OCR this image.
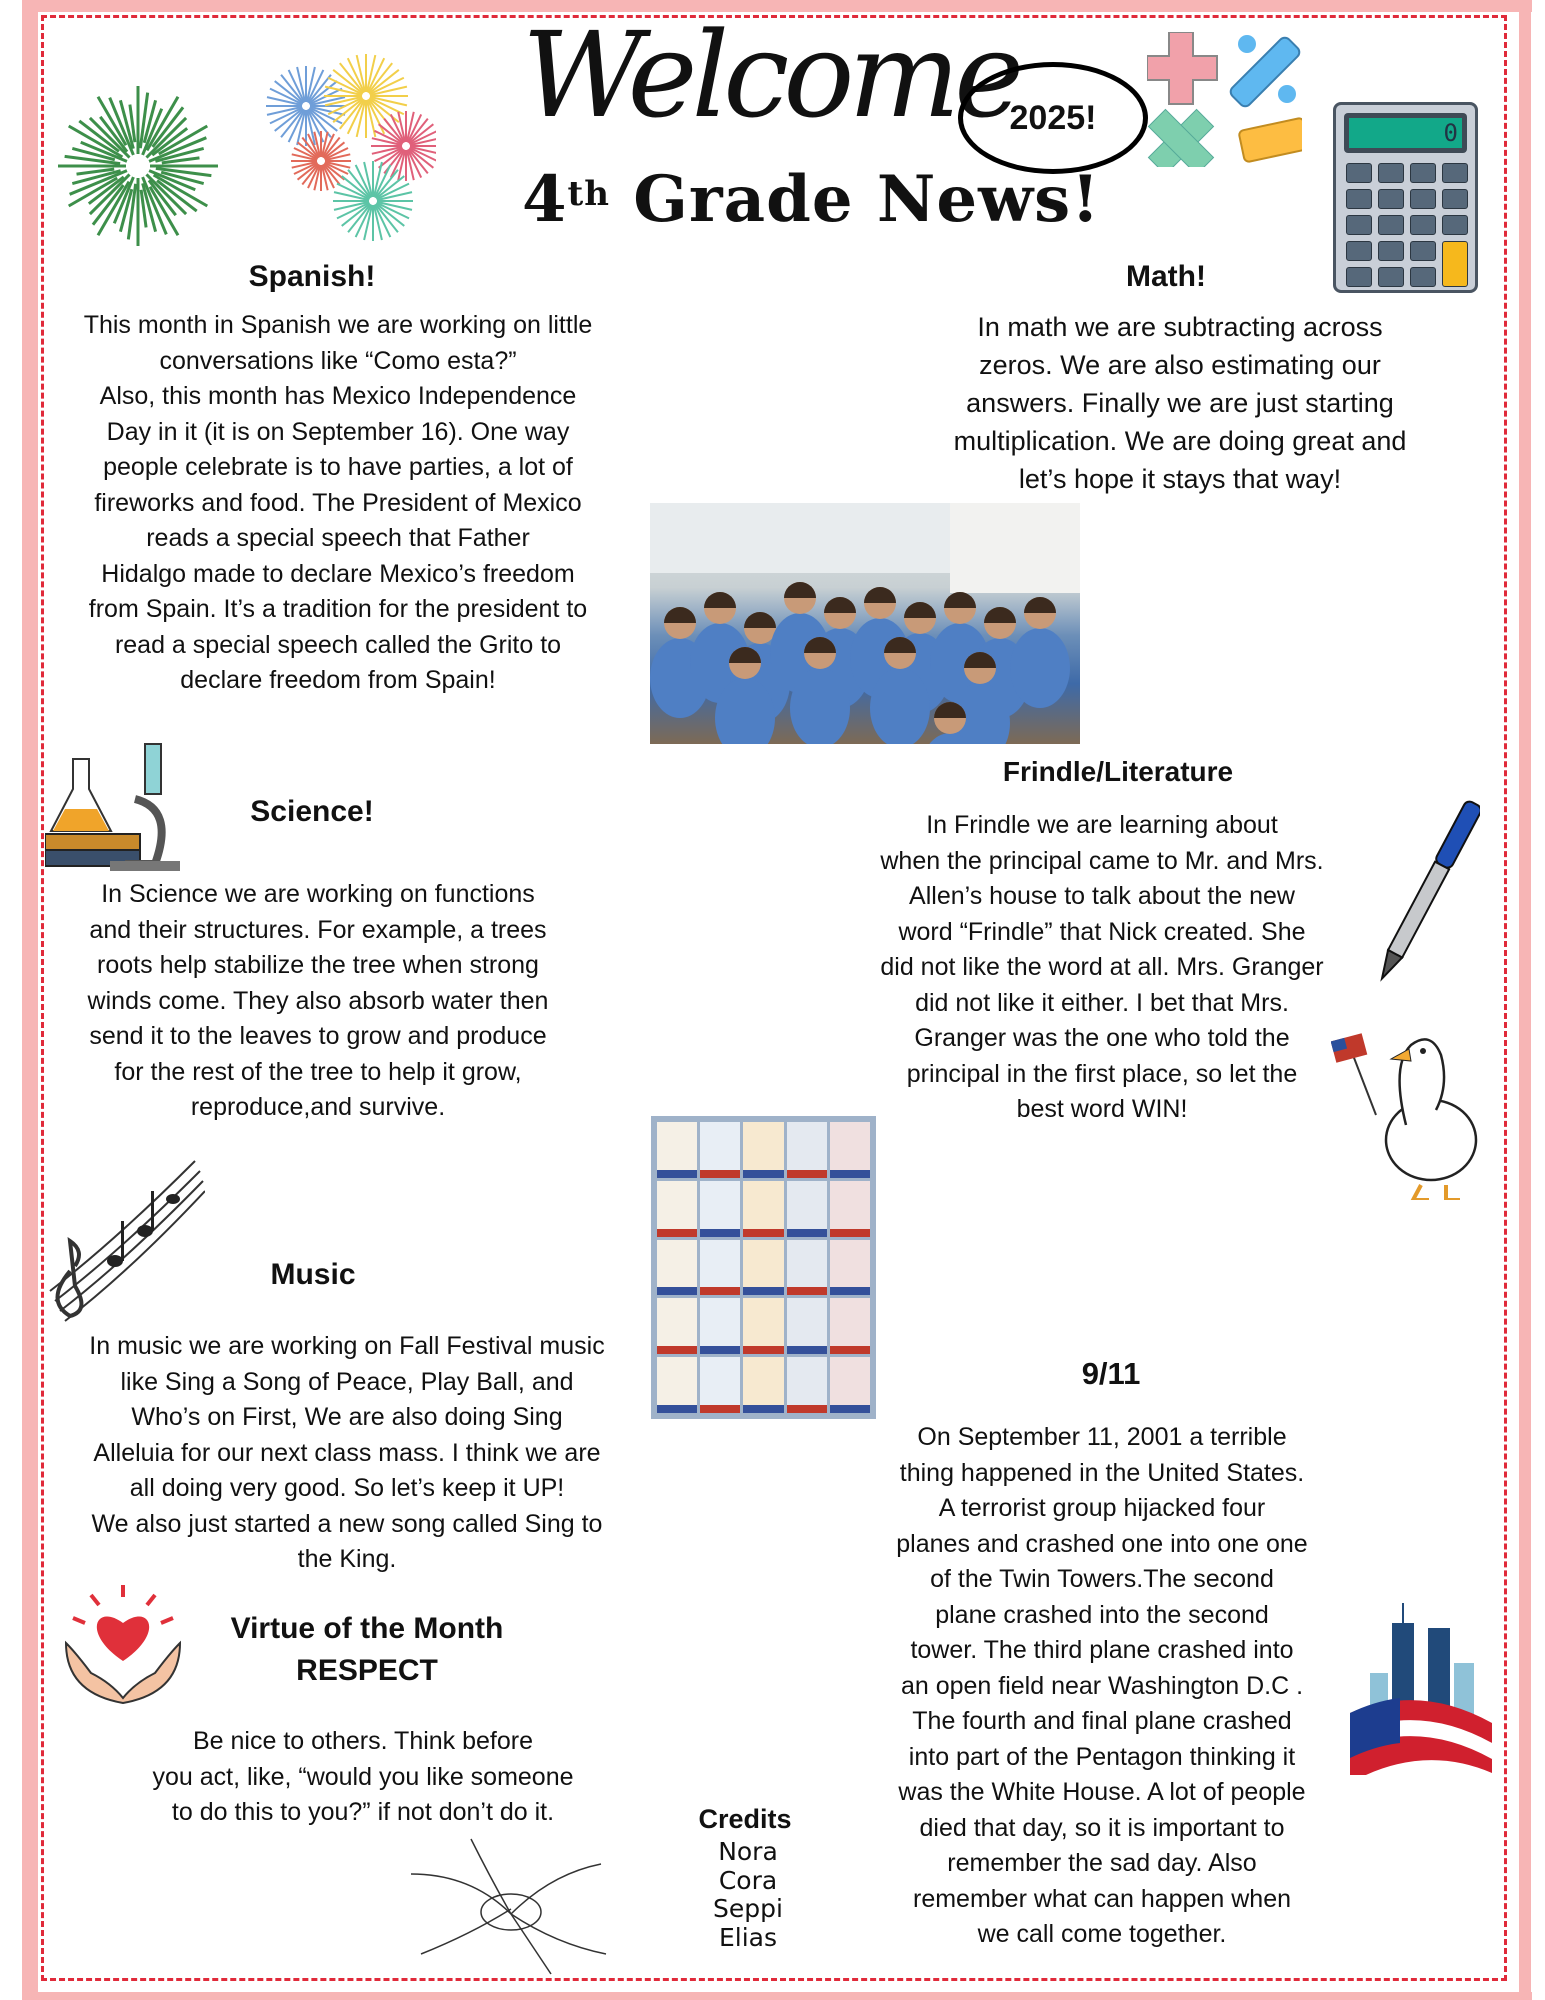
Welcome
2025!
4th Grade News!
0
Spanish!
This month in Spanish we are working on little
conversations like “Como esta?”
Also, this month has Mexico Independence
Day in it (it is on September 16). One way
people celebrate is to have parties, a lot of
fireworks and food. The President of Mexico
reads a special speech that Father
Hidalgo made to declare Mexico’s freedom
from Spain. It’s a tradition for the president to
read a special speech called the Grito to
declare freedom from Spain!
Math!
In math we are subtracting across
zeros. We are also estimating our
answers. Finally we are just starting
multiplication. We are doing great and
let’s hope it stays that way!
Frindle/Literature
In Frindle we are learning about
when the principal came to Mr. and Mrs.
Allen’s house to talk about the new
word “Frindle” that Nick created. She
did not like the word at all. Mrs. Granger
did not like it either. I bet that Mrs.
Granger was the one who told the
principal in the first place, so let the
best word WIN!
Science!
In Science we are working on functions
and their structures. For example, a trees
roots help stabilize the tree when strong
winds come. They also absorb water then
send it to the leaves to grow and produce
for the rest of the tree to help it grow,
reproduce,and survive.
Music
In music we are working on Fall Festival music
like Sing a Song of Peace, Play Ball, and
Who’s on First, We are also doing Sing
Alleluia for our next class mass. I think we are
all doing very good. So let’s keep it UP!
We also just started a new song called Sing to
the King.
Virtue of the Month
RESPECT
Be nice to others. Think before
you act, like, “would you like someone
to do this to you?” if not don’t do it.	Credits
Nora
Cora
Seppi
Elias
9/11
On September 11, 2001 a terrible
thing happened in the United States.
A terrorist group hijacked four
planes and crashed one into one one
of the Twin Towers.The second
plane crashed into the second
tower. The third plane crashed into
an open field near Washington D.C .
The fourth and final plane crashed
into part of the Pentagon thinking it
was the White House. A lot of people
died that day, so it is important to
remember the sad day. Also
remember what can happen when
we call come together.
